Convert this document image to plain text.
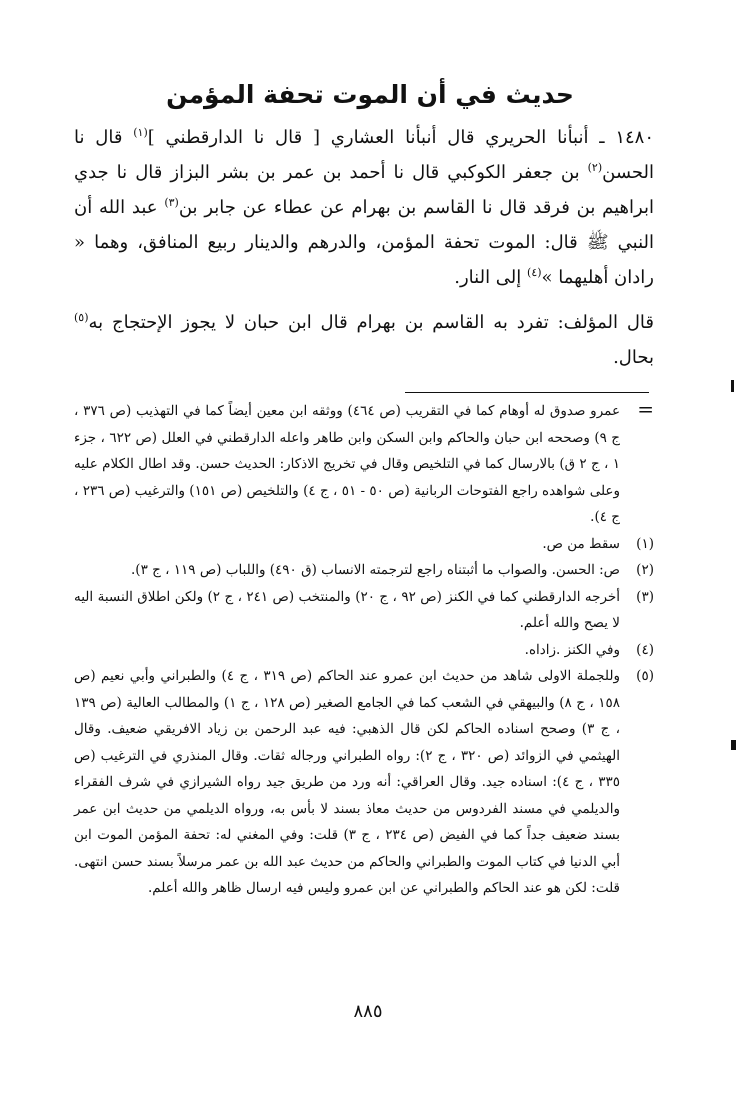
حديث في أن الموت تحفة المؤمن

١٤٨٠ ـ أنبأنا الحريري قال أنبأنا العشاري [ قال نا الدارقطني ]$^{(١)}$ قال نا الحسن$^{(٢)}$ بن جعفر الكوكبي قال نا أحمد بن عمر بن بشر البزاز قال نا جدي ابراهيم بن فرقد قال نا القاسم بن بهرام عن عطاء عن جابر بن$^{(٣)}$ عبد الله أن النبي ﷺ قال: الموت تحفة المؤمن، والدرهم والدينار ربيع المنافق، وهما « رادان أهليهما »$^{(٤)}$ إلى النار.

قال المؤلف: تفرد به القاسم بن بهرام قال ابن حبان لا يجوز الإحتجاج به$^{(٥)}$ بحال.

=

عمرو صدوق له أوهام كما في التقريب (ص ٤٦٤) ووثقه ابن معين أيضاً كما في التهذيب (ص ٣٧٦ ، ج ٩) وصححه ابن حبان والحاكم وابن السكن وابن طاهر واعله الدارقطني في العلل (ص ٦٢٢ ، جزء ١ ، ج ٢ ق) بالارسال كما في التلخيص وقال في تخريج الاذكار: الحديث حسن. وقد اطال الكلام عليه وعلى شواهده راجع الفتوحات الربانية (ص ٥٠ - ٥١ ، ج ٤) والتلخيص (ص ١٥١) والترغيب (ص ٢٣٦ ، ج ٤).

(١)
سقط من ص.
(٢)
ص: الحسن. والصواب ما أثبتناه راجع لترجمته الانساب (ق ٤٩٠) واللباب (ص ١١٩ ، ج ٣).
(٣)
أخرجه الدارقطني كما في الكنز (ص ٩٢ ، ج ٢٠) والمنتخب (ص ٢٤١ ، ج ٢) ولكن اطلاق النسبة اليه لا يصح والله أعلم.
(٤)
وفي الكنز .زاداه.
(٥)
وللجملة الاولى شاهد من حديث ابن عمرو عند الحاكم (ص ٣١٩ ، ج ٤) والطبراني وأبي نعيم (ص ١٥٨ ، ج ٨) والبيهقي في الشعب كما في الجامع الصغير (ص ١٢٨ ، ج ١) والمطالب العالية (ص ١٣٩ ، ج ٣) وصحح اسناده الحاكم لكن قال الذهبي: فيه عبد الرحمن بن زياد الافريقي ضعيف. وقال الهيثمي في الزوائد (ص ٣٢٠ ، ج ٢): رواه الطبراني ورجاله ثقات. وقال المنذري في الترغيب (ص ٣٣٥ ، ج ٤): اسناده جيد. وقال العراقي: أنه ورد من طريق جيد رواه الشيرازي في شرف الفقراء والديلمي في مسند الفردوس من حديث معاذ بسند لا بأس به، ورواه الديلمي من حديث ابن عمر بسند ضعيف جداً كما في الفيض (ص ٢٣٤ ، ج ٣) قلت: وفي المغني له: تحفة المؤمن الموت ابن أبي الدنيا في كتاب الموت والطبراني والحاكم من حديث عبد الله بن عمر مرسلاً بسند حسن انتهى. قلت: لكن هو عند الحاكم والطبراني عن ابن عمرو وليس فيه ارسال ظاهر والله أعلم.
٨٨٥
